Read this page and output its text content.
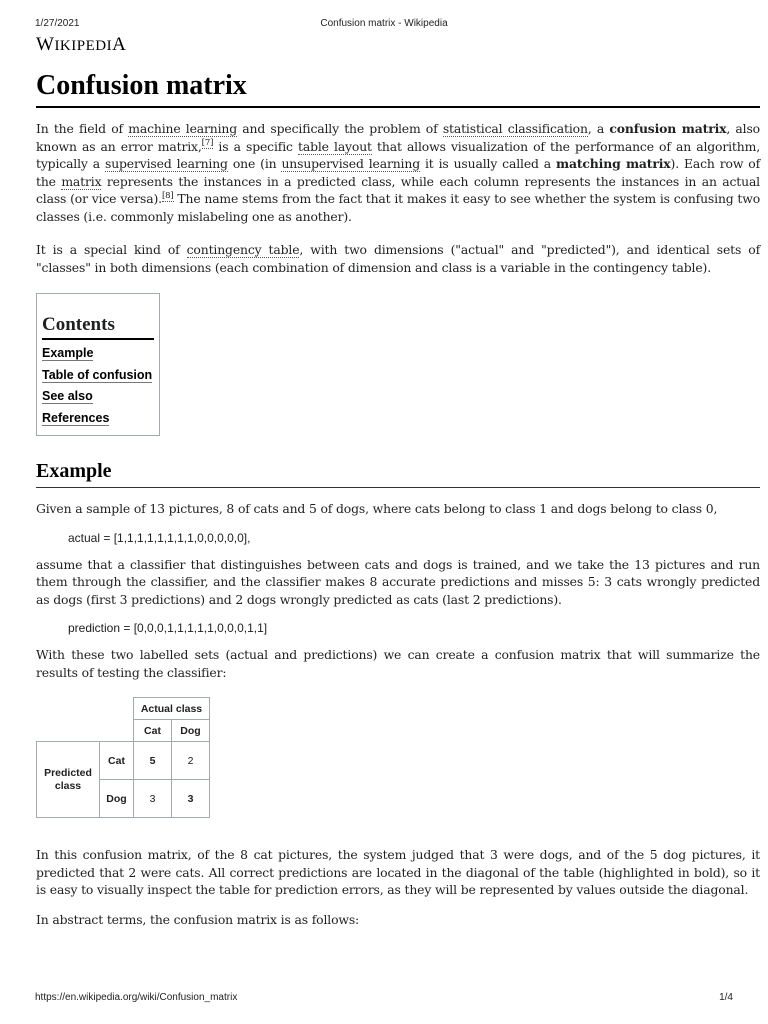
1/27/2021	Confusion matrix - Wikipedia
WIKIPEDIA
Confusion matrix

In the field of machine learning and specifically the problem of statistical classification, a confusion matrix, also known as an error matrix,[7] is a specific table layout that allows visualization of the performance of an algorithm, typically a supervised learning one (in unsupervised learning it is usually called a matching matrix). Each row of the matrix represents the instances in a predicted class, while each column represents the instances in an actual class (or vice versa).[8] The name stems from the fact that it makes it easy to see whether the system is confusing two classes (i.e. commonly mislabeling one as another).

It is a special kind of contingency table, with two dimensions ("actual" and "predicted"), and identical sets of "classes" in both dimensions (each combination of dimension and class is a variable in the contingency table).

Contents
Example
Table of confusion
See also
References
Example

Given a sample of 13 pictures, 8 of cats and 5 of dogs, where cats belong to class 1 and dogs belong to class 0,

actual = [1,1,1,1,1,1,1,1,0,0,0,0,0],

assume that a classifier that distinguishes between cats and dogs is trained, and we take the 13 pictures and run them through the classifier, and the classifier makes 8 accurate predictions and misses 5: 3 cats wrongly predicted as dogs (first 3 predictions) and 2 dogs wrongly predicted as cats (last 2 predictions).

prediction = [0,0,0,1,1,1,1,1,0,0,0,1,1]

With these two labelled sets (actual and predictions) we can create a confusion matrix that will summarize the results of testing the classifier:

		Actual class	
		Cat	Dog
Predicted class	Cat	5	2
	Dog	3	3

In this confusion matrix, of the 8 cat pictures, the system judged that 3 were dogs, and of the 5 dog pictures, it predicted that 2 were cats. All correct predictions are located in the diagonal of the table (highlighted in bold), so it is easy to visually inspect the table for prediction errors, as they will be represented by values outside the diagonal.

In abstract terms, the confusion matrix is as follows:

https://en.wikipedia.org/wiki/Confusion_matrix	1/4
